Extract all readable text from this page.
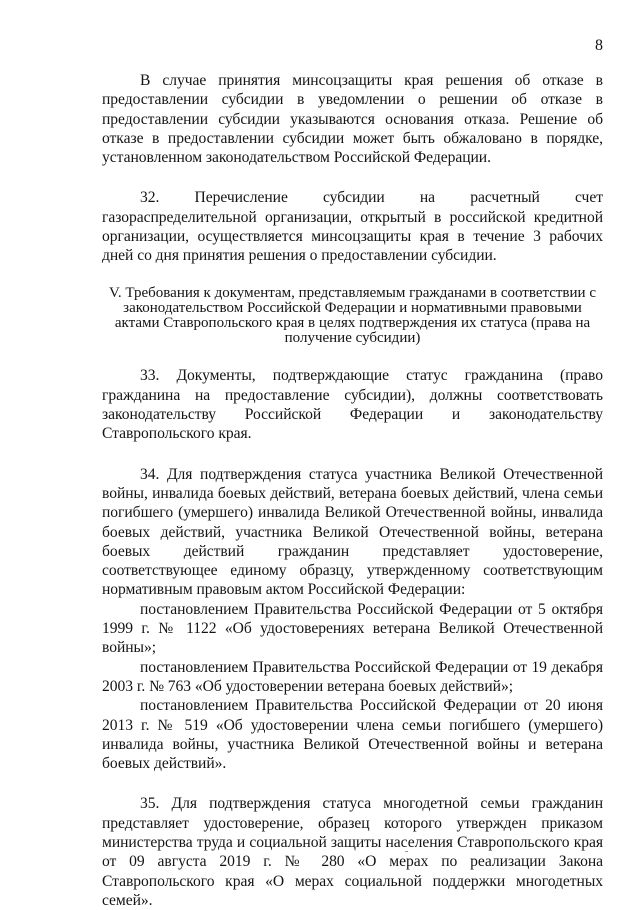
8

В случае принятия минсоцзащиты края решения об отказе в предоставлении субсидии в уведомлении о решении об отказе в предоставлении субсидии указываются основания отказа. Решение об отказе в предоставлении субсидии может быть обжаловано в порядке, установленном законодательством Российской Федерации.

32. Перечисление субсидии на расчетный счет газораспределительной организации, открытый в российской кредитной организации, осуществляется минсоцзащиты края в течение 3 рабочих дней со дня принятия решения о предоставлении субсидии.

V. Требования к документам, представляемым гражданами в соответствии с законодательством Российской Федерации и нормативными правовыми актами Ставропольского края в целях подтверждения их статуса (права на получение субсидии)

33. Документы, подтверждающие статус гражданина (право гражданина на предоставление субсидии), должны соответствовать законодательству Российской Федерации и законодательству Ставропольского края.

34. Для подтверждения статуса участника Великой Отечественной войны, инвалида боевых действий, ветерана боевых действий, члена семьи погибшего (умершего) инвалида Великой Отечественной войны, инвалида боевых действий, участника Великой Отечественной войны, ветерана боевых действий гражданин представляет удостоверение, соответствующее единому образцу, утвержденному соответствующим нормативным правовым актом Российской Федерации:

постановлением Правительства Российской Федерации от 5 октября 1999 г. № 1122 «Об удостоверениях ветерана Великой Отечественной войны»;

постановлением Правительства Российской Федерации от 19 декабря 2003 г. № 763 «Об удостоверении ветерана боевых действий»;

постановлением Правительства Российской Федерации от 20 июня 2013 г. № 519 «Об удостоверении члена семьи погибшего (умершего) инвалида войны, участника Великой Отечественной войны и ветерана боевых действий».

35. Для подтверждения статуса многодетной семьи гражданин представляет удостоверение, образец которого утвержден приказом министерства труда и социальной защиты населения Ставропольского края от 09 августа 2019 г. № 280 «О мерах по реализации Закона Ставропольского края «О мерах социальной поддержки многодетных семей».
